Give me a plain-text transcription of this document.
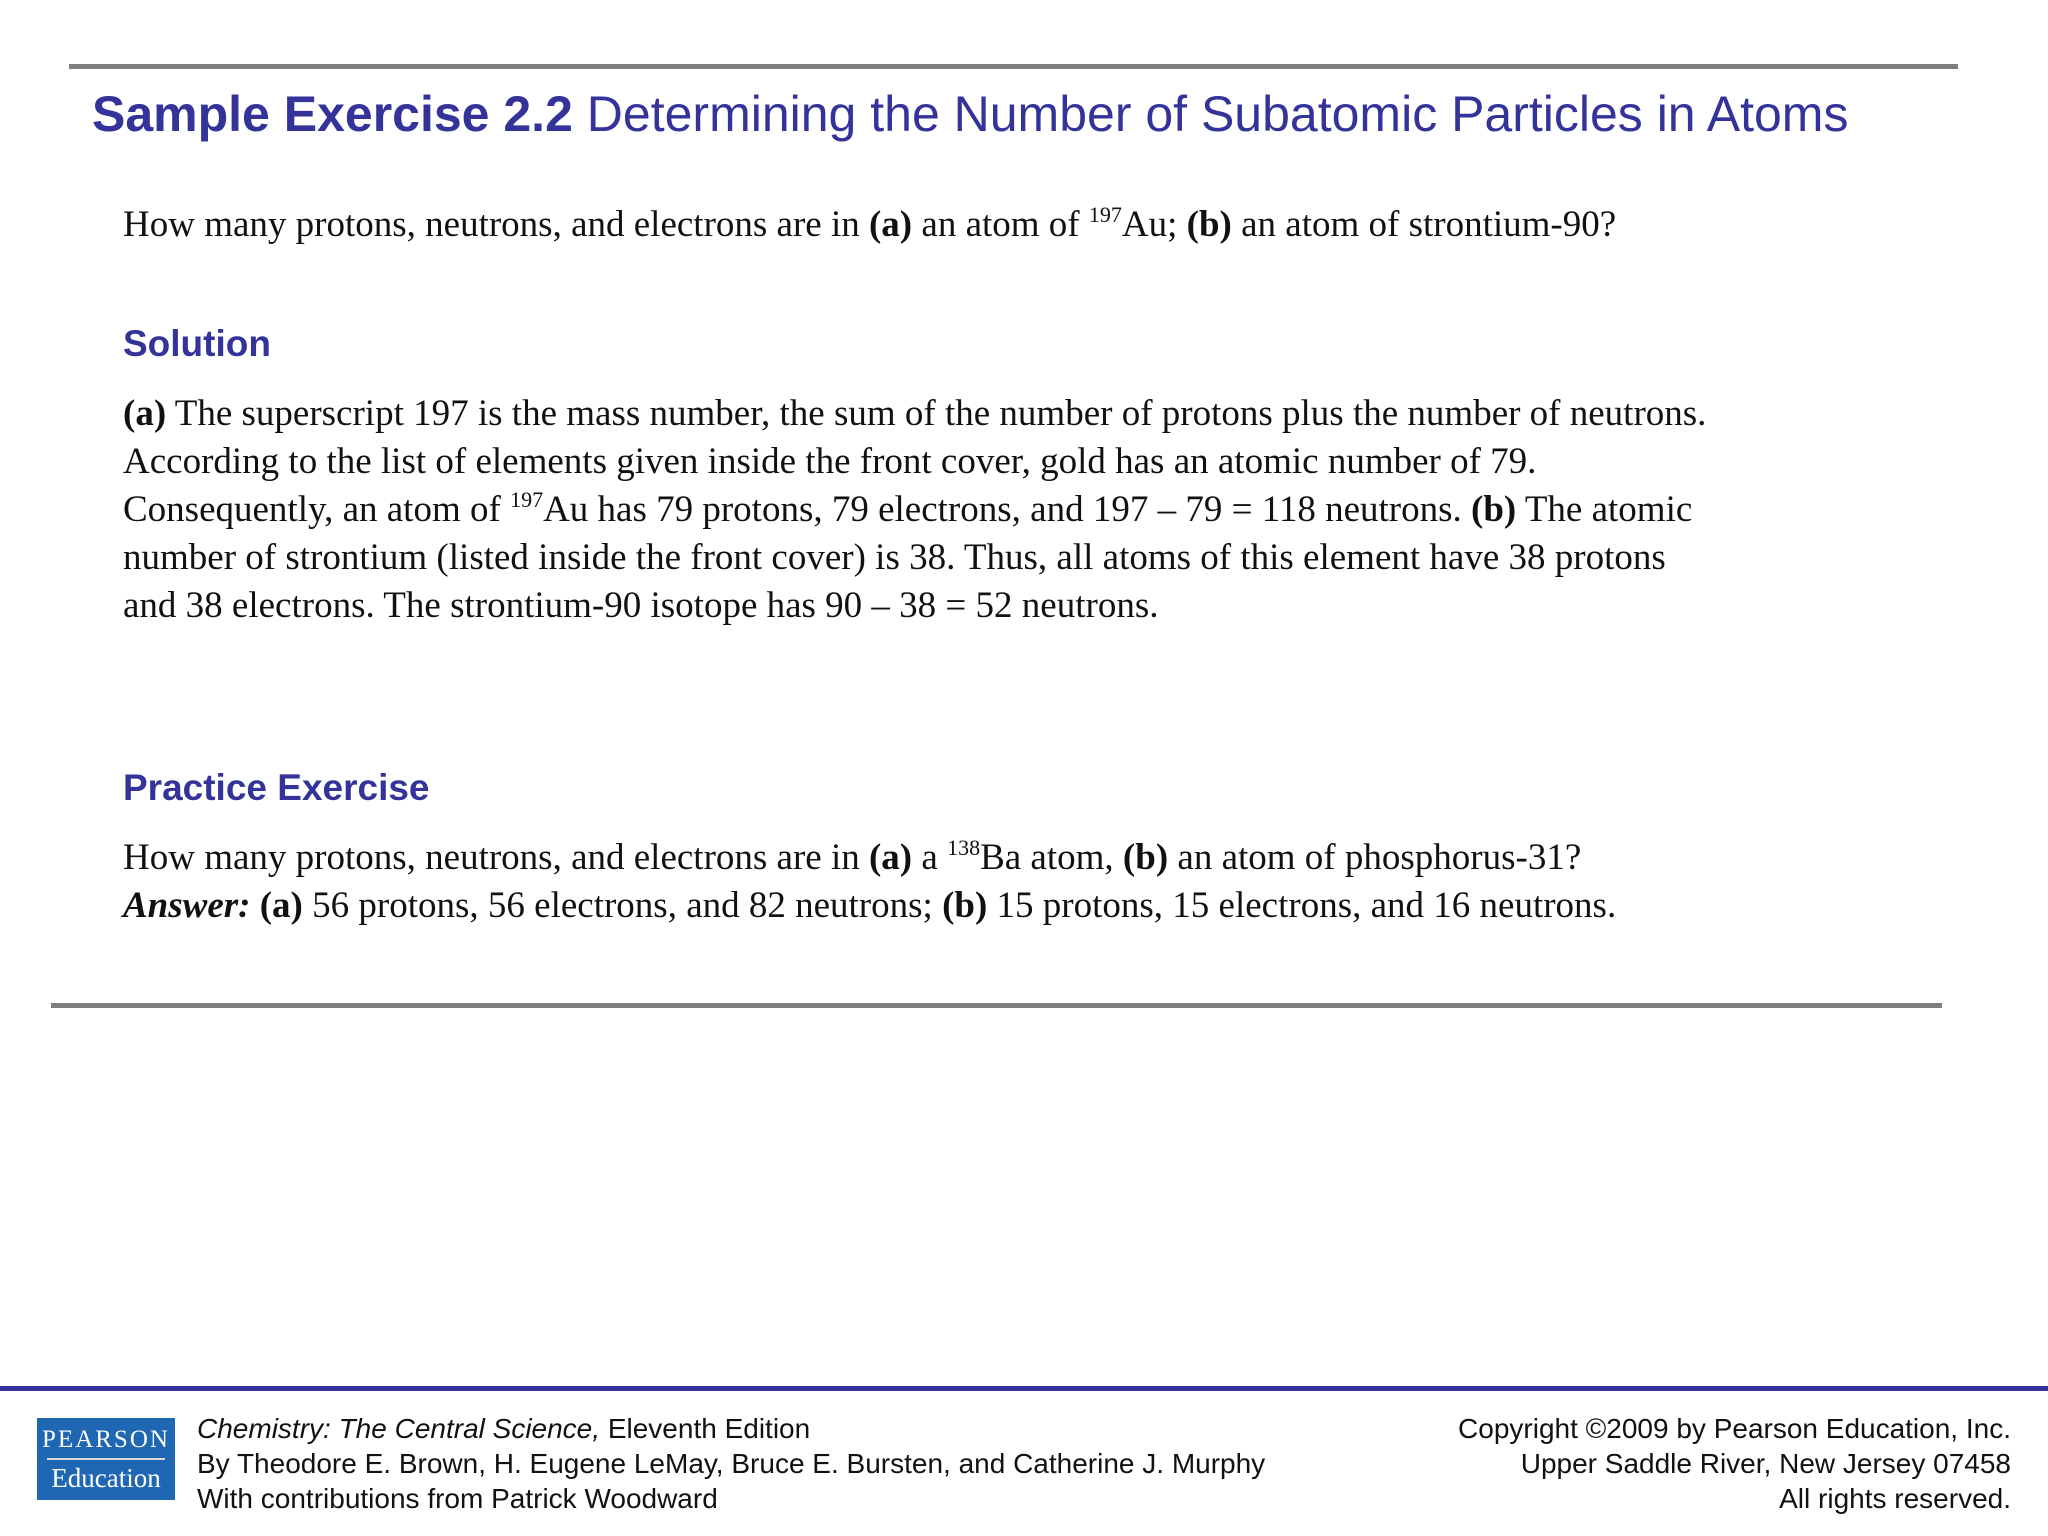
Sample Exercise 2.2 Determining the Number of Subatomic Particles in Atoms
How many protons, neutrons, and electrons are in (a) an atom of $^{197}$Au; (b) an atom of strontium-90?
Solution
(a) The superscript 197 is the mass number, the sum of the number of protons plus the number of neutrons.
According to the list of elements given inside the front cover, gold has an atomic number of 79.
Consequently, an atom of $^{197}$Au has 79 protons, 79 electrons, and 197 – 79 = 118 neutrons. (b) The atomic
number of strontium (listed inside the front cover) is 38. Thus, all atoms of this element have 38 protons
and 38 electrons. The strontium-90 isotope has 90 – 38 = 52 neutrons.
Practice Exercise
How many protons, neutrons, and electrons are in (a) a $^{138}$Ba atom, (b) an atom of phosphorus-31?
Answer: (a) 56 protons, 56 electrons, and 82 neutrons; (b) 15 protons, 15 electrons, and 16 neutrons.
PEARSON
Education
Chemistry: The Central Science, Eleventh Edition
By Theodore E. Brown, H. Eugene LeMay, Bruce E. Bursten, and Catherine J. Murphy
With contributions from Patrick Woodward
Copyright ©2009 by Pearson Education, Inc.
Upper Saddle River, New Jersey 07458
All rights reserved.
